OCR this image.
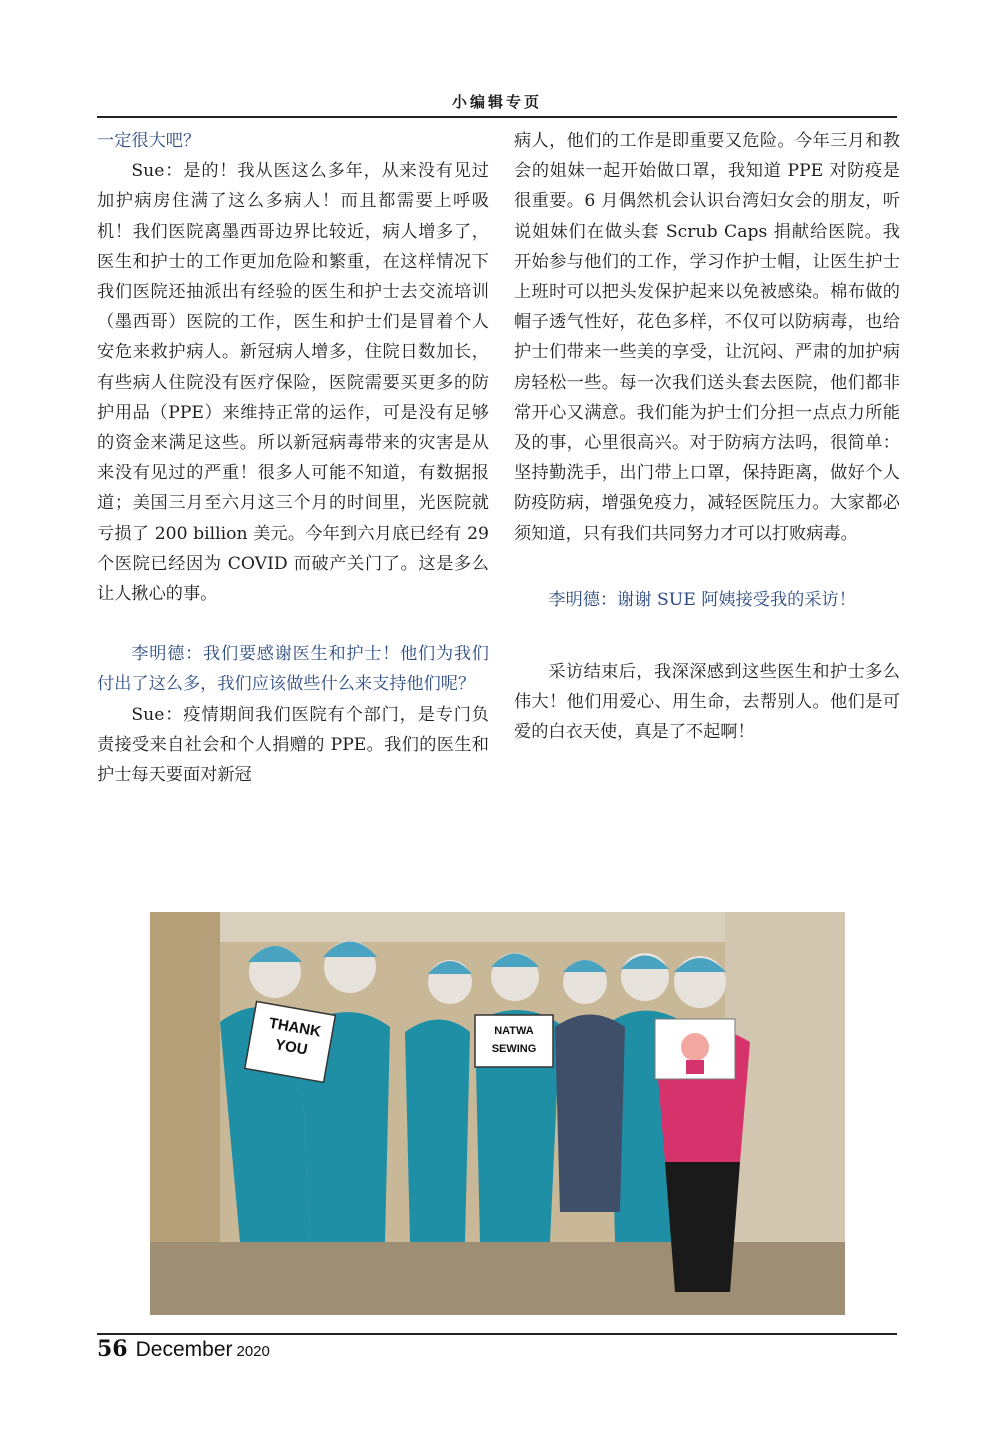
小编辑专页

一定很大吧？

Sue：是的！我从医这么多年，从来没有见过加护病房住满了这么多病人！而且都需要上呼吸机！我们医院离墨西哥边界比较近，病人增多了，医生和护士的工作更加危险和繁重，在这样情况下我们医院还抽派出有经验的医生和护士去交流培训（墨西哥）医院的工作，医生和护士们是冒着个人安危来救护病人。新冠病人增多，住院日数加长，有些病人住院没有医疗保险，医院需要买更多的防护用品（PPE）来维持正常的运作，可是没有足够的资金来满足这些。所以新冠病毒带来的灾害是从来没有见过的严重！很多人可能不知道，有数据报道；美国三月至六月这三个月的时间里，光医院就亏损了 200 billion 美元。今年到六月底已经有 29 个医院已经因为 COVID 而破产关门了。这是多么让人揪心的事。

李明德：我们要感谢医生和护士！他们为我们付出了这么多，我们应该做些什么来支持他们呢？

Sue：疫情期间我们医院有个部门，是专门负责接受来自社会和个人捐赠的 PPE。我们的医生和护士每天要面对新冠

病人，他们的工作是即重要又危险。今年三月和教会的姐妹一起开始做口罩，我知道 PPE 对防疫是很重要。6 月偶然机会认识台湾妇女会的朋友，听说姐妹们在做头套 Scrub Caps 捐献给医院。我开始参与他们的工作，学习作护士帽，让医生护士上班时可以把头发保护起来以免被感染。棉布做的帽子透气性好，花色多样，不仅可以防病毒，也给护士们带来一些美的享受，让沉闷、严肃的加护病房轻松一些。每一次我们送头套去医院，他们都非常开心又满意。我们能为护士们分担一点点力所能及的事，心里很高兴。对于防病方法吗，很简单：坚持勤洗手，出门带上口罩，保持距离，做好个人防疫防病，增强免疫力，减轻医院压力。大家都必须知道，只有我们共同努力才可以打败病毒。

李明德：谢谢 SUE 阿姨接受我的采访！

采访结束后，我深深感到这些医生和护士多么伟大！他们用爱心、用生命，去帮别人。他们是可爱的白衣天使，真是了不起啊！

THANK
YOU
NATWA
SEWING
56 December 2020
